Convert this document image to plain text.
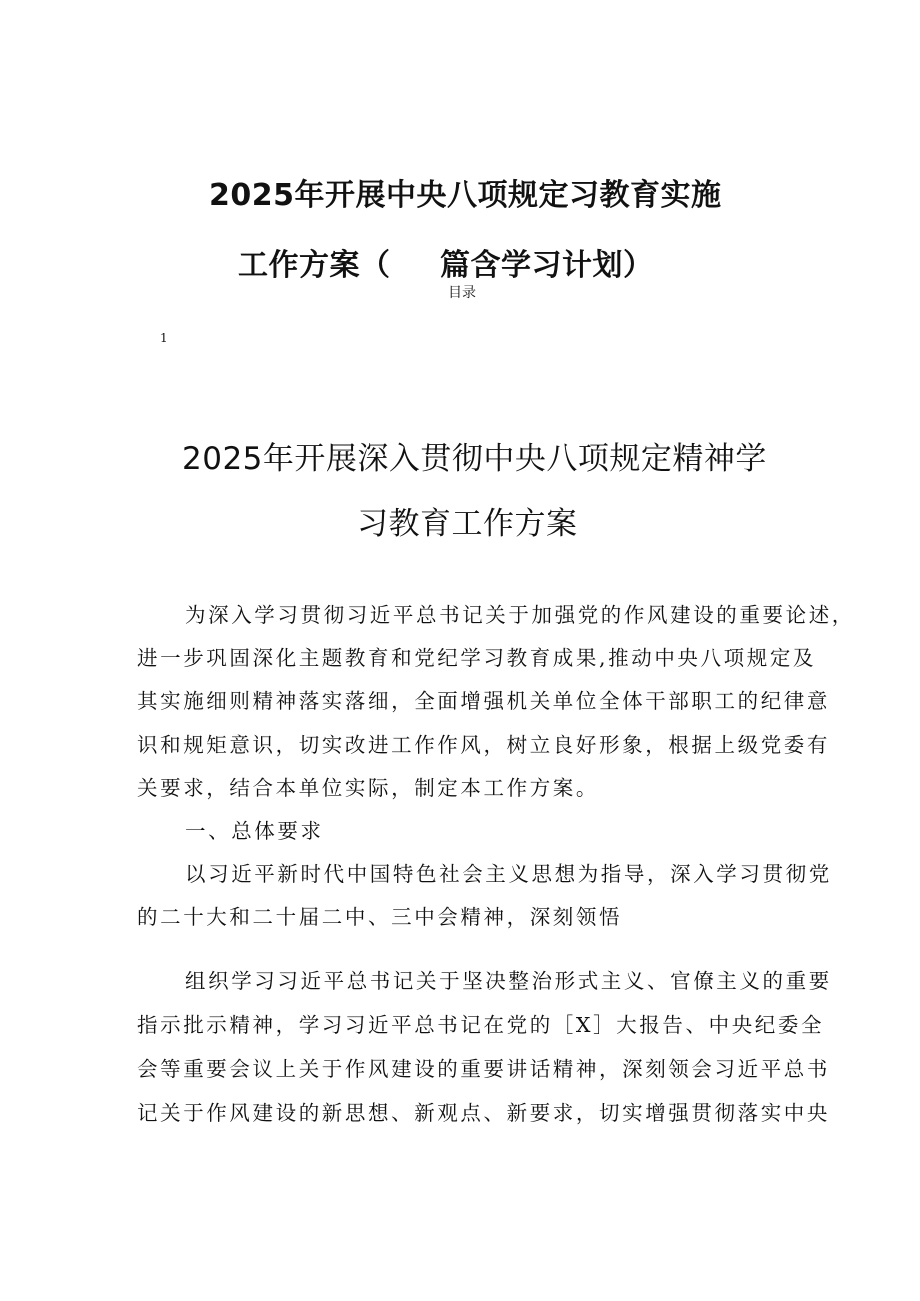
2025年开展中央八项规定习教育实施
工作方案（ 篇含学习计划）
目录
1
2025年开展深入贯彻中央八项规定精神学
习教育工作方案
为深入学习贯彻习近平总书记关于加强党的作风建设的重要论述，
进一步巩固深化主题教育和党纪学习教育成果,推动中央八项规定及
其实施细则精神落实落细，全面增强机关单位全体干部职工的纪律意
识和规矩意识，切实改进工作作风，树立良好形象，根据上级党委有
关要求，结合本单位实际，制定本工作方案。
一、总体要求
以习近平新时代中国特色社会主义思想为指导，深入学习贯彻党
的二十大和二十届二中、三中会精神，深刻领悟
组织学习习近平总书记关于坚决整治形式主义、官僚主义的重要
指示批示精神，学习习近平总书记在党的［X］大报告、中央纪委全
会等重要会议上关于作风建设的重要讲话精神，深刻领会习近平总书
记关于作风建设的新思想、新观点、新要求，切实增强贯彻落实中央
